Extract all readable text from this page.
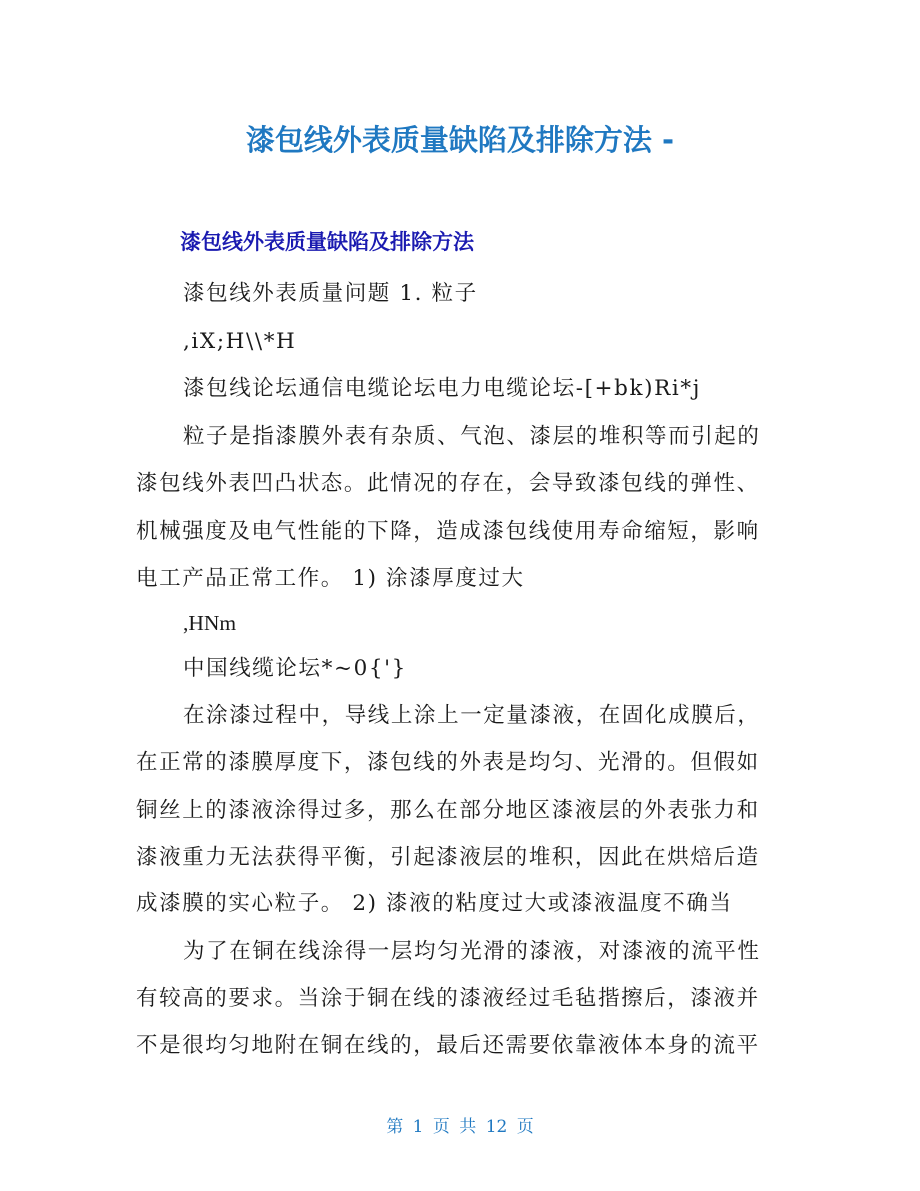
漆包线外表质量缺陷及排除方法 -
漆包线外表质量缺陷及排除方法
漆包线外表质量问题 1. 粒子
,iX;H\\*H
漆包线论坛通信电缆论坛电力电缆论坛-[+bk)Ri*j
粒子是指漆膜外表有杂质、气泡、漆层的堆积等而引起的
漆包线外表凹凸状态。此情况的存在，会导致漆包线的弹性、
机械强度及电气性能的下降，造成漆包线使用寿命缩短，影响
电工产品正常工作。 1) 涂漆厚度过大
,HNm
中国线缆论坛*~0{'}
在涂漆过程中，导线上涂上一定量漆液，在固化成膜后，
在正常的漆膜厚度下，漆包线的外表是均匀、光滑的。但假如
铜丝上的漆液涂得过多，那么在部分地区漆液层的外表张力和
漆液重力无法获得平衡，引起漆液层的堆积，因此在烘焙后造
成漆膜的实心粒子。 2) 漆液的粘度过大或漆液温度不确当
为了在铜在线涂得一层均匀光滑的漆液，对漆液的流平性
有较高的要求。当涂于铜在线的漆液经过毛毡揩擦后，漆液并
不是很均匀地附在铜在线的，最后还需要依靠液体本身的流平
第 1 页 共 12 页
